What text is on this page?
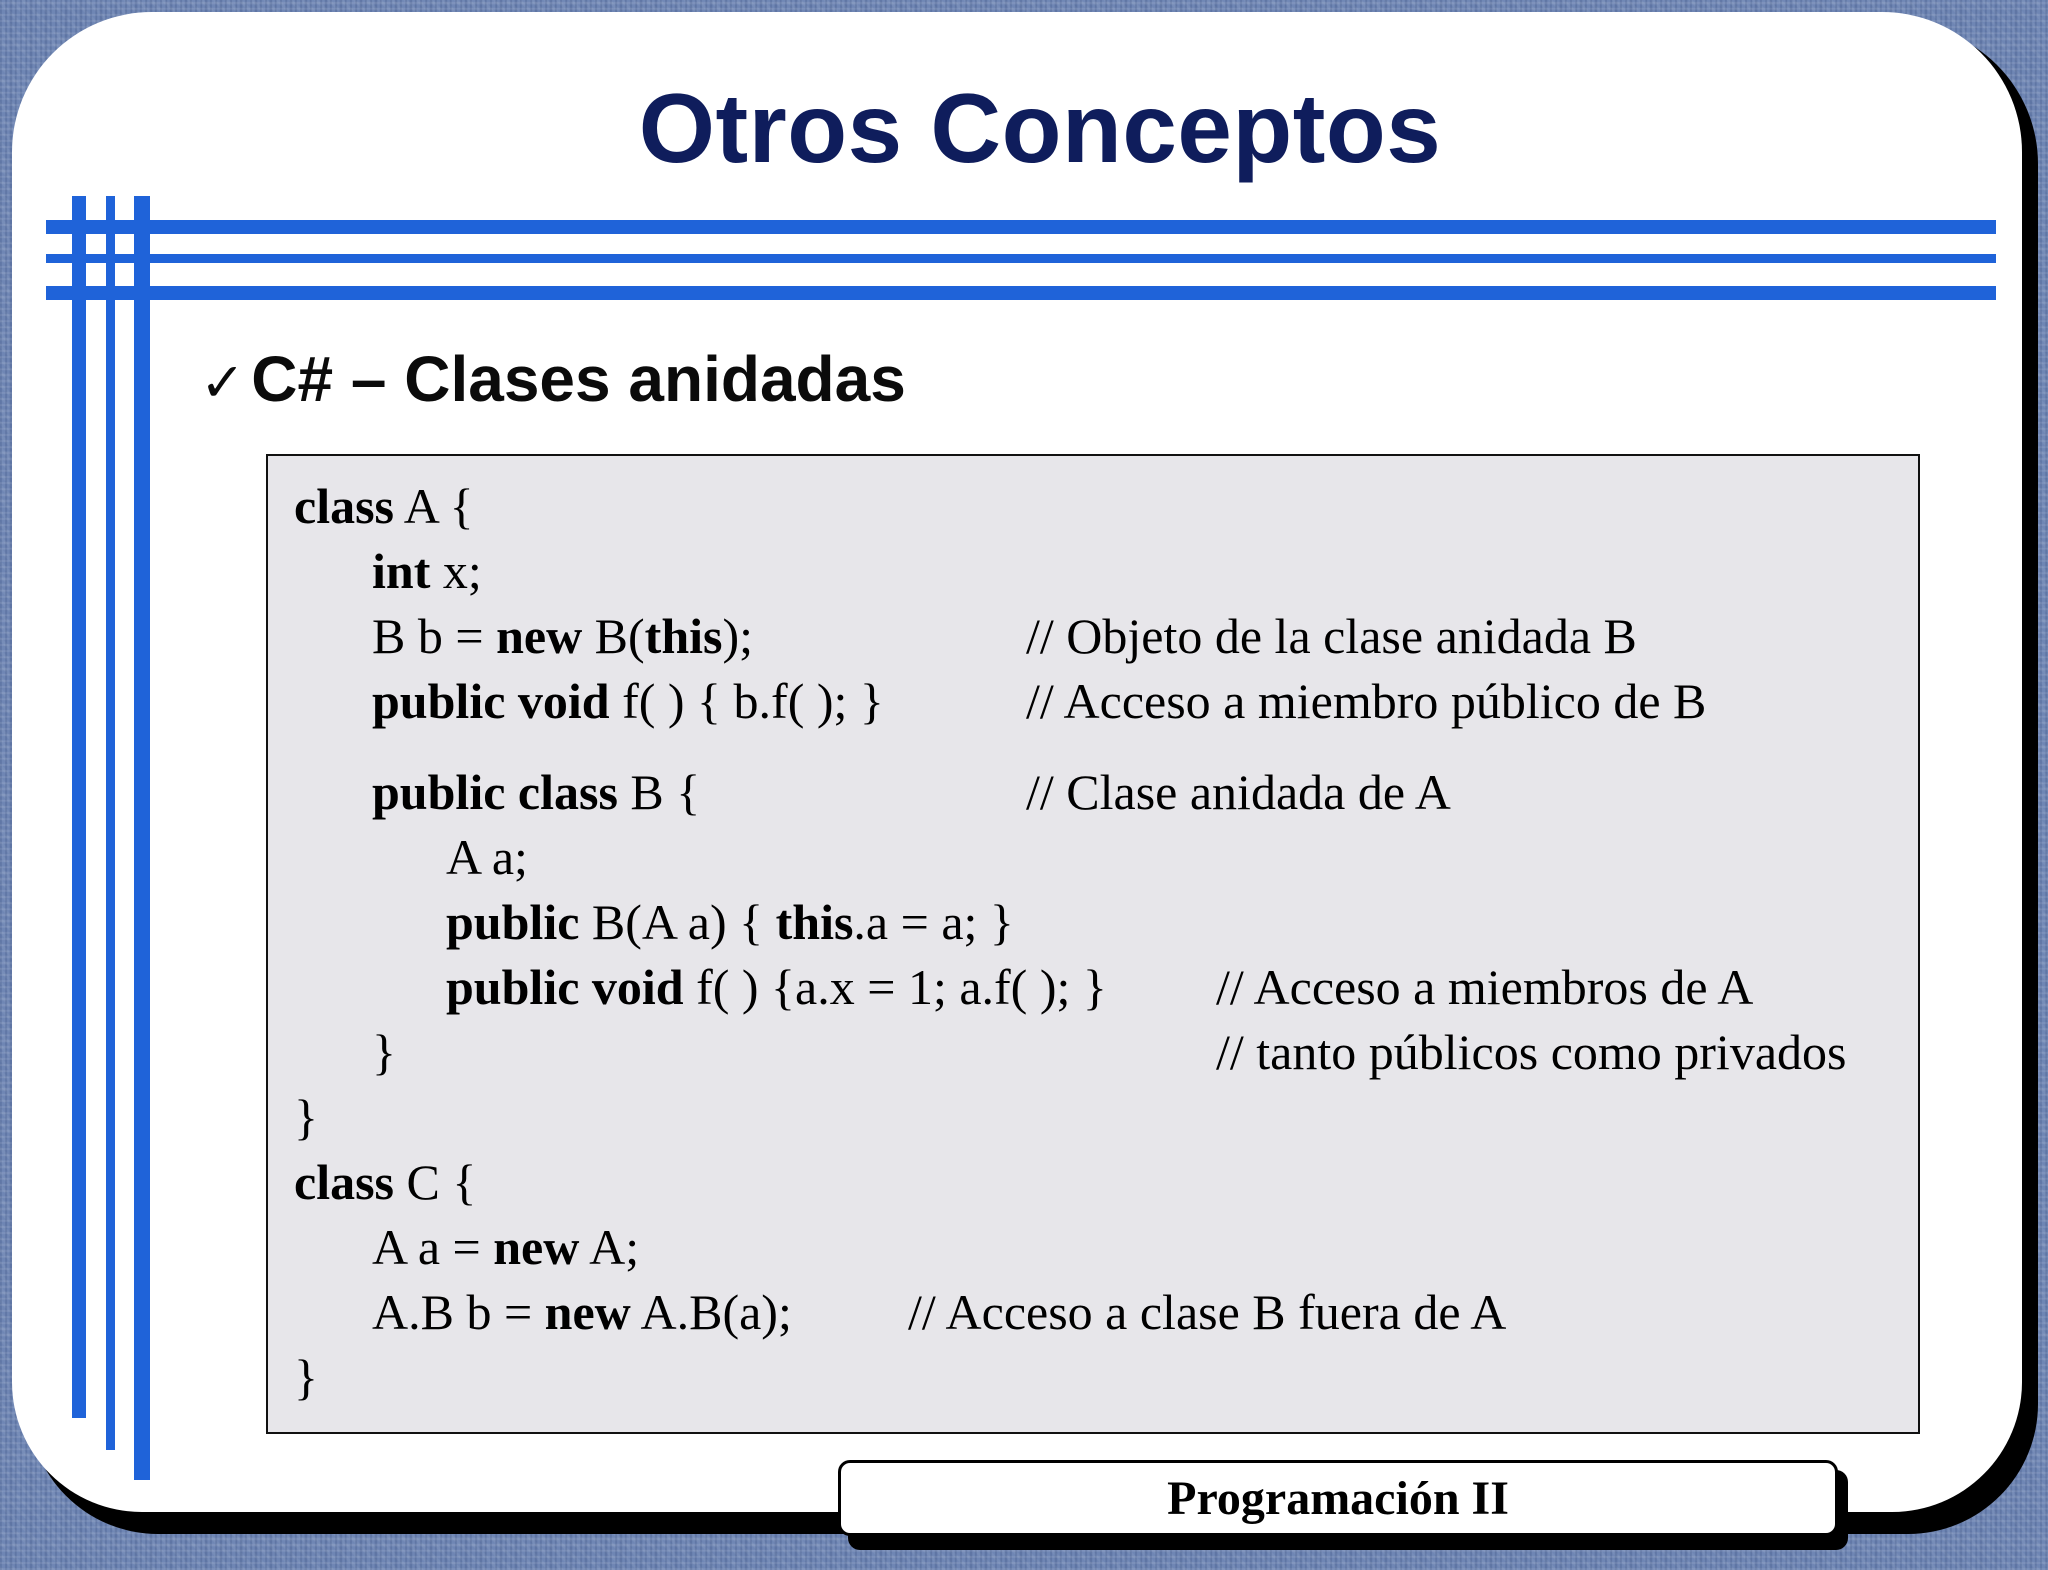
Otros Conceptos
✓C# – Clases anidadas
class A {
int x;
B b = new B(this);
public void f( ) { b.f( ); }
public class B {
A a;
public B(A a) { this.a = a; }
public void f( ) {a.x = 1; a.f( ); }
}
}
class C {
A a = new A;
A.B b = new A.B(a);
}
// Objeto de la clase anidada B
// Acceso a miembro público de B
// Clase anidada de A
// Acceso a miembros de A
// tanto públicos como privados
// Acceso a clase B fuera de A
Programación II
